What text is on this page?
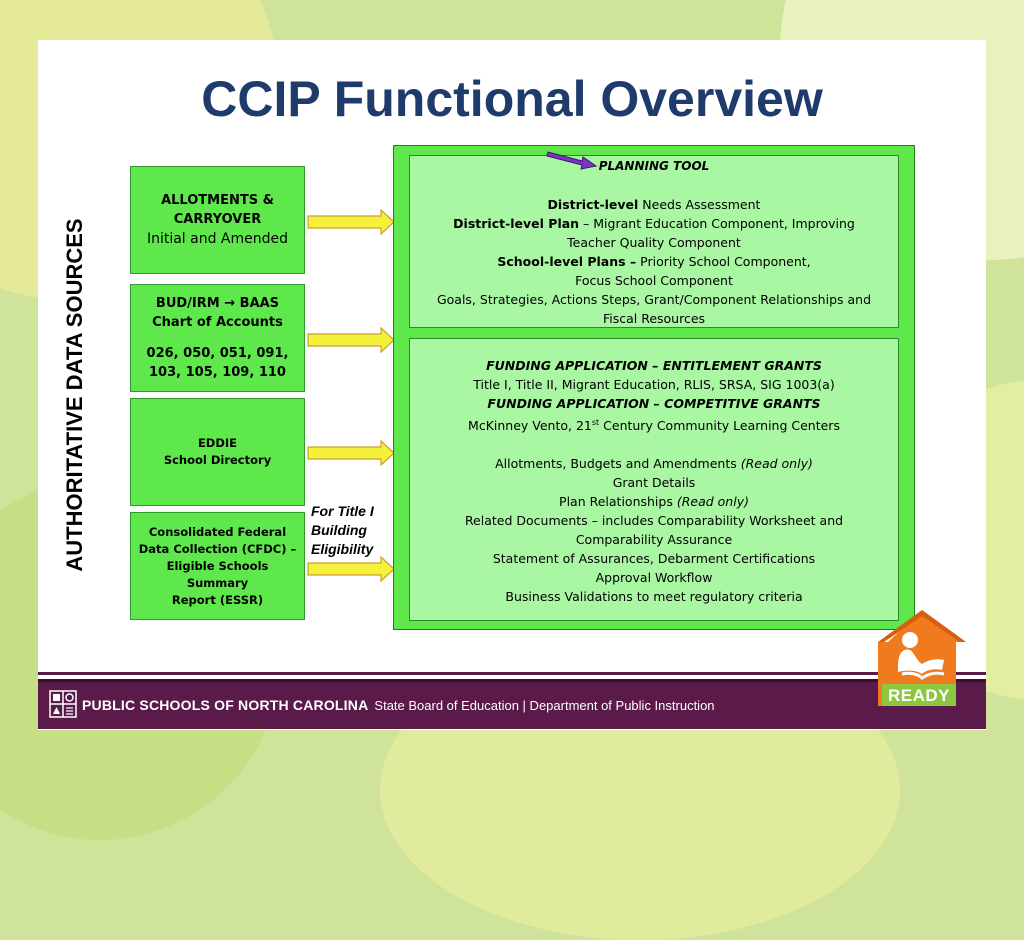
CCIP Functional Overview
AUTHORITATIVE DATA SOURCES
ALLOTMENTS &
CARRYOVER
Initial and Amended
BUD/IRM → BAAS
Chart of Accounts
026, 050, 051, 091,
103, 105, 109, 110
EDDIE
School Directory
Consolidated Federal
Data Collection (CFDC) –
Eligible Schools Summary
Report (ESSR)
For Title I
Building
Eligibility

PLANNING TOOL

District-level Needs Assessment

District-level Plan – Migrant Education Component, Improving

Teacher Quality Component

School-level Plans – Priority School Component,

Focus School Component

Goals, Strategies, Actions Steps, Grant/Component Relationships and

Fiscal Resources

FUNDING APPLICATION – ENTITLEMENT GRANTS

Title I, Title II, Migrant Education, RLIS, SRSA, SIG 1003(a)

FUNDING APPLICATION – COMPETITIVE GRANTS

McKinney Vento, 21st Century Community Learning Centers

Allotments, Budgets and Amendments (Read only)

Grant Details

Plan Relationships (Read only)

Related Documents – includes Comparability Worksheet and

Comparability Assurance

Statement of Assurances, Debarment Certifications

Approval Workflow

Business Validations to meet regulatory criteria

PUBLIC SCHOOLS OF NORTH CAROLINA State Board of Education | Department of Public Instruction
READY
